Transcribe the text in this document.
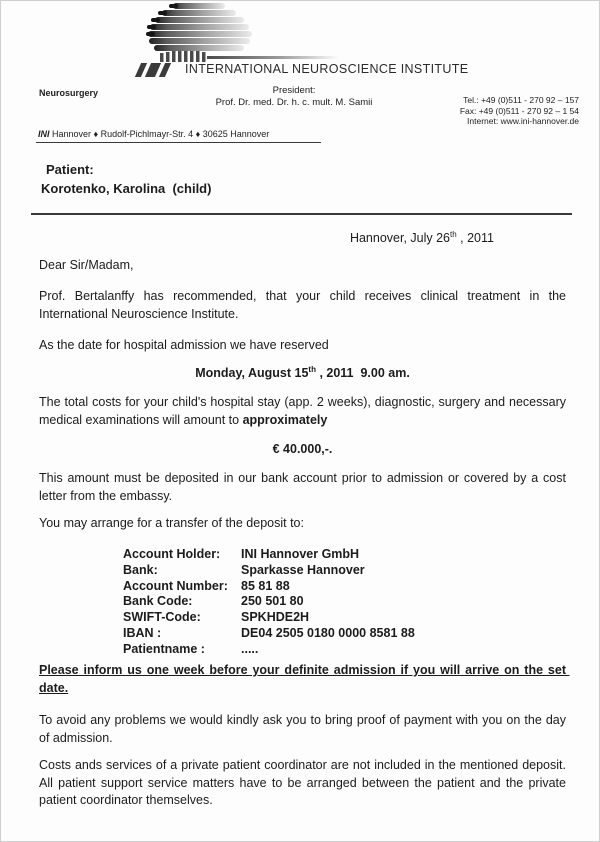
INTERNATIONAL NEUROSCIENCE INSTITUTE
Neurosurgery	President:
Prof. Dr. med. Dr. h. c. mult. M. Samii	Tel.: +49 (0)511 - 270 92 – 157
Fax: +49 (0)511 - 270 92 – 1 54
Internet: www.ini-hannover.de
INI Hannover ♦ Rudolf-Pichlmayr-Str. 4 ♦ 30625 Hannover
Patient:
Korotenko, Karolina  (child)
Hannover, July 26th , 2011
Dear Sir/Madam,
Prof. Bertalanffy has recommended, that your child receives clinical treatment in the International Neuroscience Institute.
As the date for hospital admission we have reserved
Monday, August 15th , 2011  9.00 am.
The total costs for your child's hospital stay (app. 2 weeks), diagnostic, surgery and necessary medical examinations will amount to approximately
€ 40.000,-.
This amount must be deposited in our bank account prior to admission or covered by a cost letter from the embassy.
You may arrange for a transfer of the deposit to:
Account Holder:	INI Hannover GmbH
Bank:	Sparkasse Hannover
Account Number:	85 81 88
Bank Code:	250 501 80
SWIFT-Code:	SPKHDE2H
IBAN :	DE04 2505 0180 0000 8581 88
Patientname :	.....
Please inform us one week before your definite admission if you will arrive on the set date.
To avoid any problems we would kindly ask you to bring proof of payment with you on the day of admission.
Costs ands services of a private patient coordinator are not included in the mentioned deposit. All patient support service matters have to be arranged between the patient and the private patient coordinator themselves.
